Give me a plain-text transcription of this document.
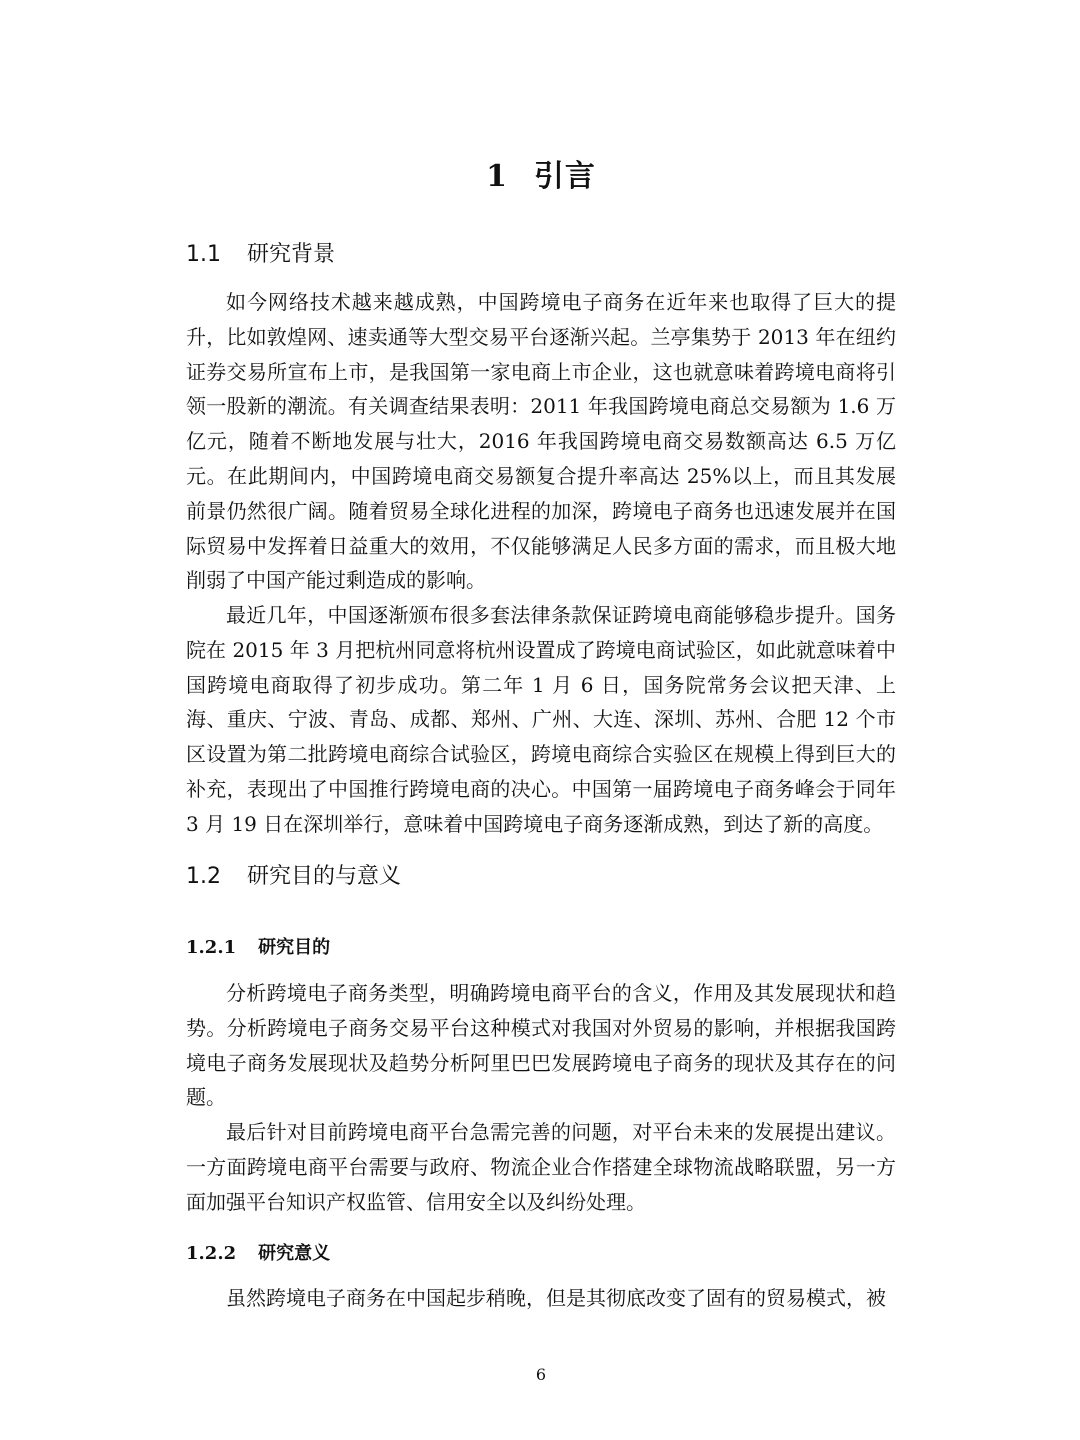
1 引言
1.1 研究背景

如今网络技术越来越成熟，中国跨境电子商务在近年来也取得了巨大的提升，比如敦煌网、速卖通等大型交易平台逐渐兴起。兰亭集势于 2013 年在纽约证券交易所宣布上市，是我国第一家电商上市企业，这也就意味着跨境电商将引领一股新的潮流。有关调查结果表明：2011 年我国跨境电商总交易额为 1.6 万亿元，随着不断地发展与壮大，2016 年我国跨境电商交易数额高达 6.5 万亿元。在此期间内，中国跨境电商交易额复合提升率高达 25%以上，而且其发展前景仍然很广阔。随着贸易全球化进程的加深，跨境电子商务也迅速发展并在国际贸易中发挥着日益重大的效用，不仅能够满足人民多方面的需求，而且极大地削弱了中国产能过剩造成的影响。

最近几年，中国逐渐颁布很多套法律条款保证跨境电商能够稳步提升。国务院在 2015 年 3 月把杭州同意将杭州设置成了跨境电商试验区，如此就意味着中国跨境电商取得了初步成功。第二年 1 月 6 日，国务院常务会议把天津、上海、重庆、宁波、青岛、成都、郑州、广州、大连、深圳、苏州、合肥 12 个市区设置为第二批跨境电商综合试验区，跨境电商综合实验区在规模上得到巨大的补充，表现出了中国推行跨境电商的决心。中国第一届跨境电子商务峰会于同年 3 月 19 日在深圳举行，意味着中国跨境电子商务逐渐成熟，到达了新的高度。

1.2 研究目的与意义
1.2.1 研究目的

分析跨境电子商务类型，明确跨境电商平台的含义，作用及其发展现状和趋势。分析跨境电子商务交易平台这种模式对我国对外贸易的影响，并根据我国跨境电子商务发展现状及趋势分析阿里巴巴发展跨境电子商务的现状及其存在的问题。

最后针对目前跨境电商平台急需完善的问题，对平台未来的发展提出建议。一方面跨境电商平台需要与政府、物流企业合作搭建全球物流战略联盟，另一方面加强平台知识产权监管、信用安全以及纠纷处理。

1.2.2 研究意义

虽然跨境电子商务在中国起步稍晚，但是其彻底改变了固有的贸易模式，被

6
